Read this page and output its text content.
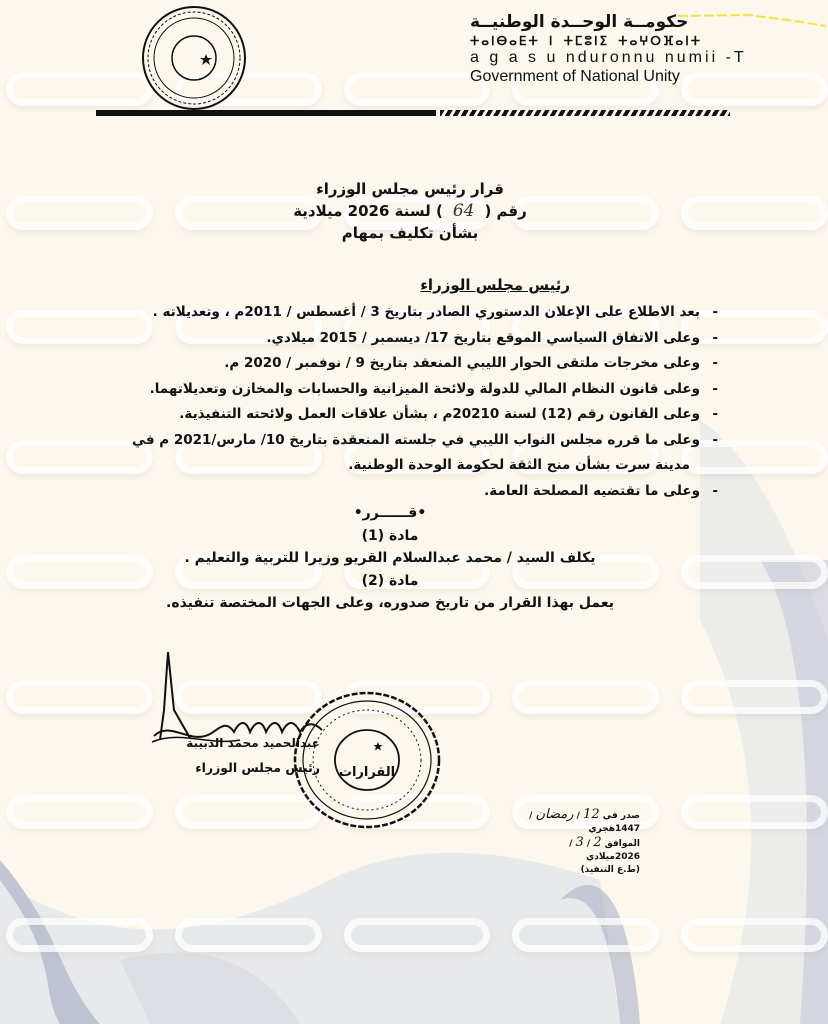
حكومــة الوحــدة الوطنيــة
ⵜⴰⵏⴱⴰⴹⵜ ⵏ ⵜⵎⵓⵏⵉ ⵜⴰⵖⵔⴼⴰⵏⵜ
a g a s u nduronnu numii -T
Government of National Unity
قرار رئيس مجلس الوزراء
رقم (64) لسنة 2026 ميلادية
بشأن تكليف بمهام
رئيس مجلس الوزراء
- بعد الاطلاع على الإعلان الدستوري الصادر بتاريخ 3 / أغسطس / 2011م ، وتعديلاته .
- وعلى الاتفاق السياسي الموقع بتاريخ 17/ ديسمبر / 2015 ميلادي.
- وعلى مخرجات ملتقى الحوار الليبي المنعقد بتاريخ 9 / نوفمبر / 2020 م.
- وعلى قانون النظام المالي للدولة ولائحة الميزانية والحسابات والمخازن وتعديلاتهما.
- وعلى القانون رقم (12) لسنة 20210م ، بشأن علاقات العمل ولائحته التنفيذية.
- وعلى ما قرره مجلس النواب الليبي في جلسته المنعقدة بتاريخ 10/ مارس/2021 م في
مدينة سرت بشأن منح الثقة لحكومة الوحدة الوطنية.
- وعلى ما تقتضيه المصلحة العامة.
•قــــــرر•
مادة (1)
يكلف السيد / محمد عبدالسلام القريو وزيرا للتربية والتعليم .
مادة (2)
يعمل بهذا القرار من تاريخ صدوره، وعلى الجهات المختصة تنفيذه.
عبدالحميد محمد الدبيبة
رئيس مجلس الوزراء القرارات
صدر في 12 / رمضان / 1447هجري
الموافق 2 / 3 / 2026ميلادي
(ط.ع التنفيذ)
